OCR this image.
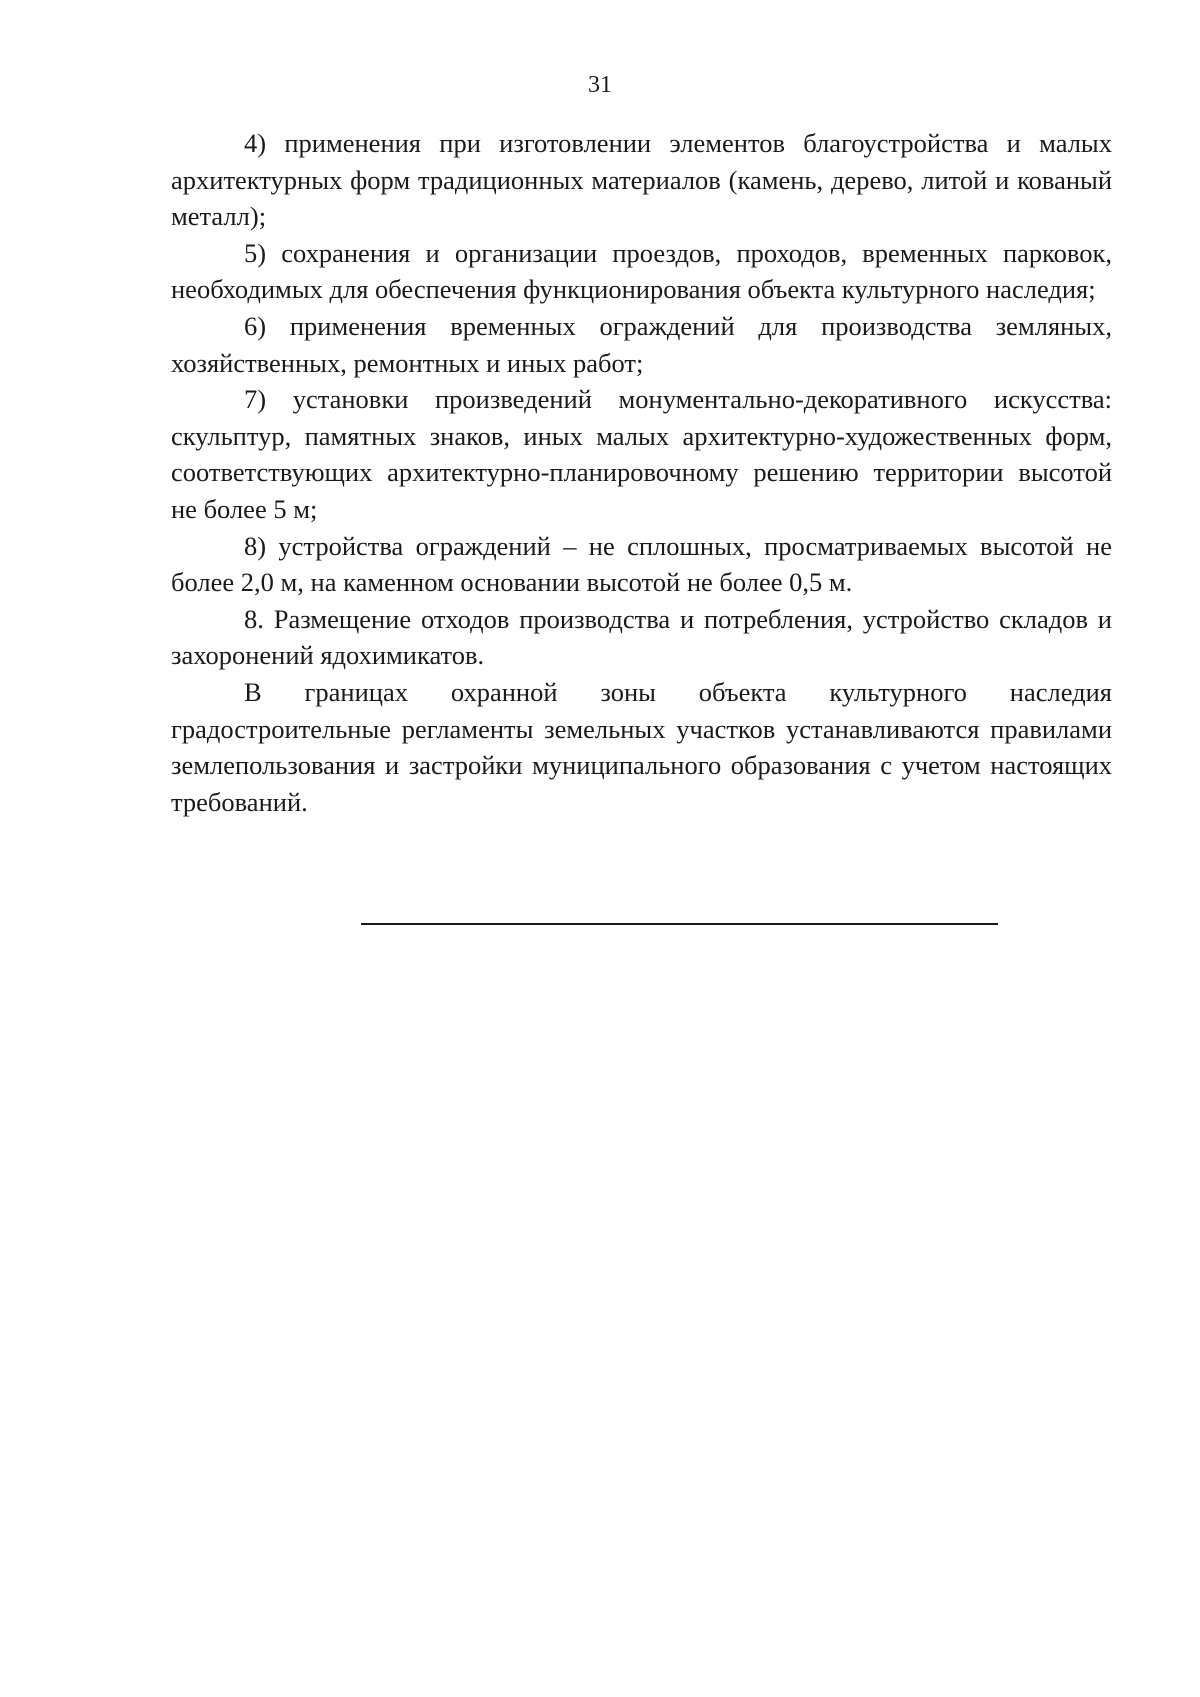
31

4) применения при изготовлении элементов благоустройства и малых архитектурных форм традиционных материалов (камень, дерево, литой и кованый металл);

5) сохранения и организации проездов, проходов, временных парковок, необходимых для обеспечения функционирования объекта культурного наследия;

6) применения временных ограждений для производства земляных, хозяйственных, ремонтных и иных работ;

7) установки произведений монументально-декоративного искусства: скульптур, памятных знаков, иных малых архитектурно-художественных форм, соответствующих архитектурно-планировочному решению территории высотой не более 5 м;

8) устройства ограждений – не сплошных, просматриваемых высотой не более 2,0 м, на каменном основании высотой не более 0,5 м.

8. Размещение отходов производства и потребления, устройство складов и захоронений ядохимикатов.

В границах охранной зоны объекта культурного наследия градостроительные регламенты земельных участков устанавливаются правилами землепользования и застройки муниципального образования с учетом настоящих требований.
